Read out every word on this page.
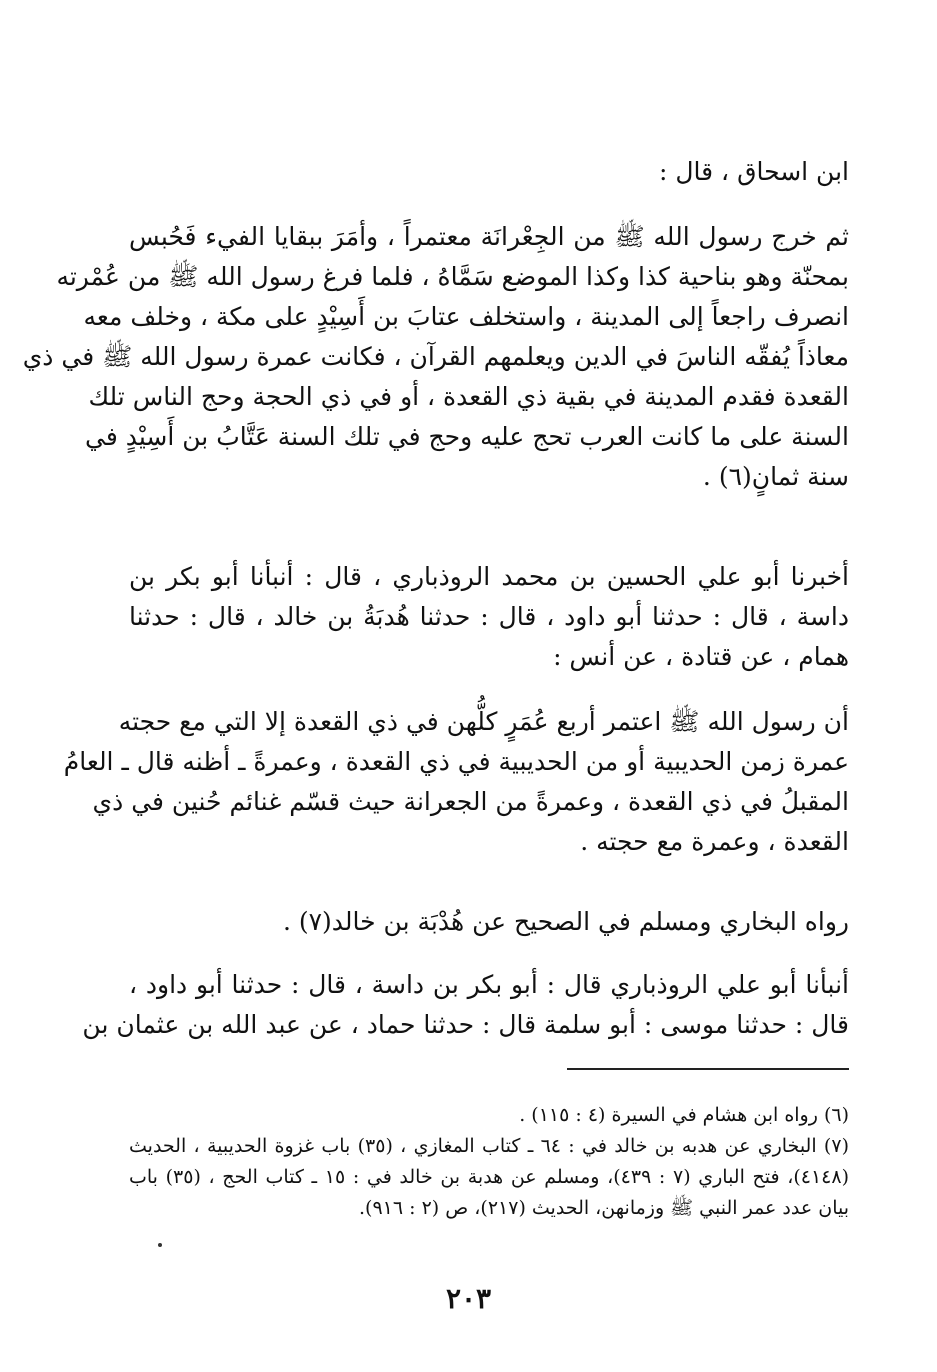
ابن اسحاق ، قال :
ثم خرج رسول الله ﷺ من الجِعْرانَة معتمراً ، وأمَرَ ببقايا الفيء فَحُبس
بمحنّة وهو بناحية كذا وكذا الموضع سَمَّاهُ ، فلما فرغ رسول الله ﷺ من عُمْرته
انصرف راجعاً إلى المدينة ، واستخلف عتابَ بن أَسِيْدٍ على مكة ، وخلف معه
معاذاً يُفقّه الناسَ في الدين ويعلمهم القرآن ، فكانت عمرة رسول الله ﷺ في ذي
القعدة فقدم المدينة في بقية ذي القعدة ، أو في ذي الحجة وحج الناس تلك
السنة على ما كانت العرب تحج عليه وحج في تلك السنة عَتَّابُ بن أَسِيْدٍ في
سنة ثمانٍ(٦) .
أخبرنا أبو علي الحسين بن محمد الروذباري ، قال : أنبأنا أبو بكر بن
داسة ، قال : حدثنا أبو داود ، قال : حدثنا هُدبَةُ بن خالد ، قال : حدثنا
همام ، عن قتادة ، عن أنس :
أن رسول الله ﷺ اعتمر أربع عُمَرٍ كلُّهن في ذي القعدة إلا التي مع حجته
عمرة زمن الحديبية أو من الحديبية في ذي القعدة ، وعمرةً ـ أظنه قال ـ العامُ
المقبلُ في ذي القعدة ، وعمرةً من الجعرانة حيث قسّم غنائم حُنين في ذي
القعدة ، وعمرة مع حجته .
رواه البخاري ومسلم في الصحيح عن هُدْبَة بن خالد(٧) .
أنبأنا أبو علي الروذباري قال : أبو بكر بن داسة ، قال : حدثنا أبو داود ،
قال : حدثنا موسى : أبو سلمة قال : حدثنا حماد ، عن عبد الله بن عثمان بن
(٦) رواه ابن هشام في السيرة (٤ : ١١٥) .
(٧) البخاري عن هدبه بن خالد في : ٦٤ ـ كتاب المغازي ، (٣٥) باب غزوة الحديبية ، الحديث
(٤١٤٨)، فتح الباري (٧ : ٤٣٩)، ومسلم عن هدبة بن خالد في : ١٥ ـ كتاب الحج ، (٣٥) باب
بيان عدد عمر النبي ﷺ وزمانهن، الحديث (٢١٧)، ص (٢ : ٩١٦).
٢٠٣
